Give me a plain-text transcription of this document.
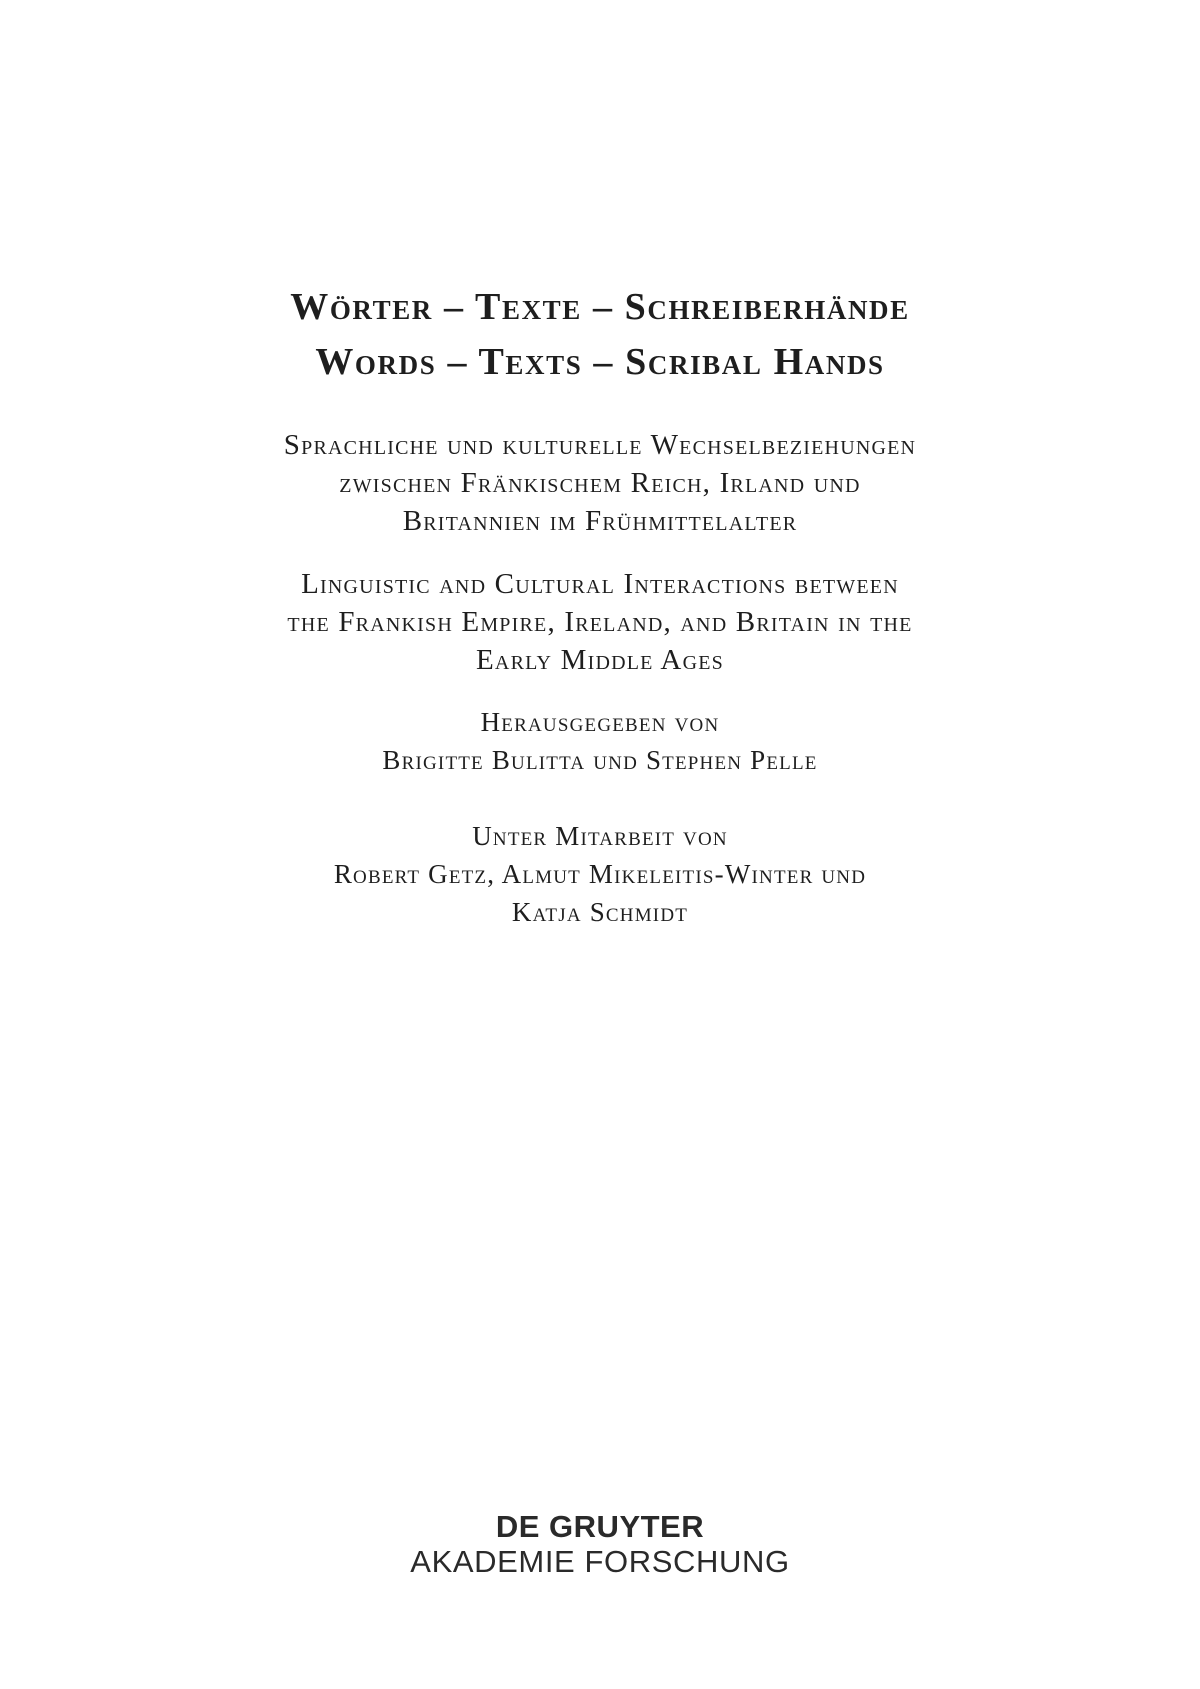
Wörter – Texte – Schreiberhände
Words – Texts – Scribal Hands
Sprachliche und kulturelle Wechselbeziehungen
zwischen Fränkischem Reich, Irland und
Britannien im Frühmittelalter
Linguistic and Cultural Interactions between
the Frankish Empire, Ireland, and Britain in the
Early Middle Ages
Herausgegeben von
Brigitte Bulitta und Stephen Pelle
Unter Mitarbeit von
Robert Getz, Almut Mikeleitis-Winter und
Katja Schmidt
DE GRUYTER
AKADEMIE FORSCHUNG
